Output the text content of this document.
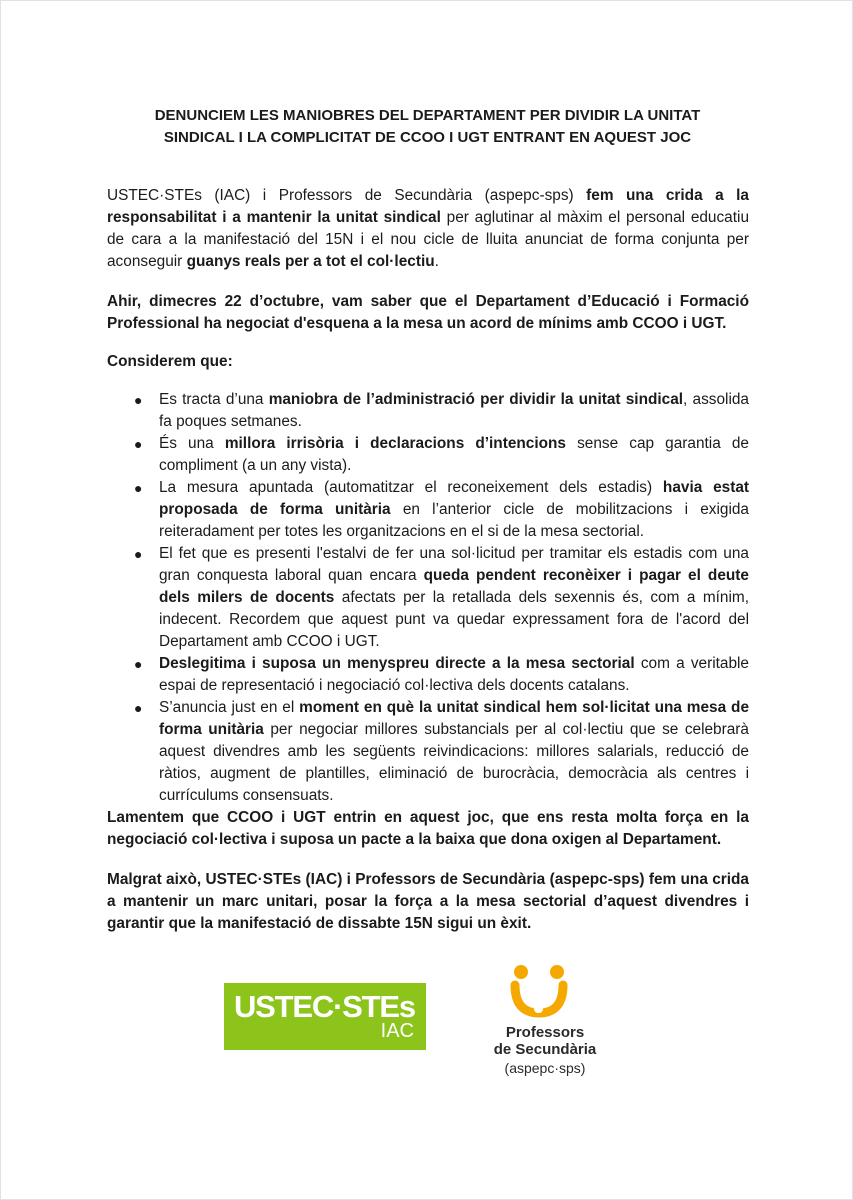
DENUNCIEM LES MANIOBRES DEL DEPARTAMENT PER DIVIDIR LA UNITAT
SINDICAL I LA COMPLICITAT DE CCOO I UGT ENTRANT EN AQUEST JOC
USTEC·STEs (IAC) i Professors de Secundària (aspepc-sps) fem una crida a la responsabilitat i a mantenir la unitat sindical per aglutinar al màxim el personal educatiu de cara a la manifestació del 15N i el nou cicle de lluita anunciat de forma conjunta per aconseguir guanys reals per a tot el col·lectiu.
Ahir, dimecres 22 d’octubre, vam saber que el Departament d’Educació i Formació Professional ha negociat d'esquena a la mesa un acord de mínims amb CCOO i UGT.
Considerem que:
● Es tracta d’una maniobra de l’administració per dividir la unitat sindical, assolida fa poques setmanes.
● És una millora irrisòria i declaracions d’intencions sense cap garantia de compliment (a un any vista).
● La mesura apuntada (automatitzar el reconeixement dels estadis) havia estat proposada de forma unitària en l’anterior cicle de mobilitzacions i exigida reiteradament per totes les organitzacions en el si de la mesa sectorial.
● El fet que es presenti l'estalvi de fer una sol·licitud per tramitar els estadis com una gran conquesta laboral quan encara queda pendent reconèixer i pagar el deute dels milers de docents afectats per la retallada dels sexennis és, com a mínim, indecent. Recordem que aquest punt va quedar expressament fora de l'acord del Departament amb CCOO i UGT.
● Deslegitima i suposa un menyspreu directe a la mesa sectorial com a veritable espai de representació i negociació col·lectiva dels docents catalans.
● S’anuncia just en el moment en què la unitat sindical hem sol·licitat una mesa de forma unitària per negociar millores substancials per al col·lectiu que se celebrarà aquest divendres amb les següents reivindicacions: millores salarials, reducció de ràtios, augment de plantilles, eliminació de burocràcia, democràcia als centres i currículums consensuats.
Lamentem que CCOO i UGT entrin en aquest joc, que ens resta molta força en la negociació col·lectiva i suposa un pacte a la baixa que dona oxigen al Departament.
Malgrat això, USTEC·STEs (IAC) i Professors de Secundària (aspepc-sps) fem una crida a mantenir un marc unitari, posar la força a la mesa sectorial d’aquest divendres i garantir que la manifestació de dissabte 15N sigui un èxit.
USTEC·STEs
IAC	Professors
de Secundària
(aspepc·sps)
